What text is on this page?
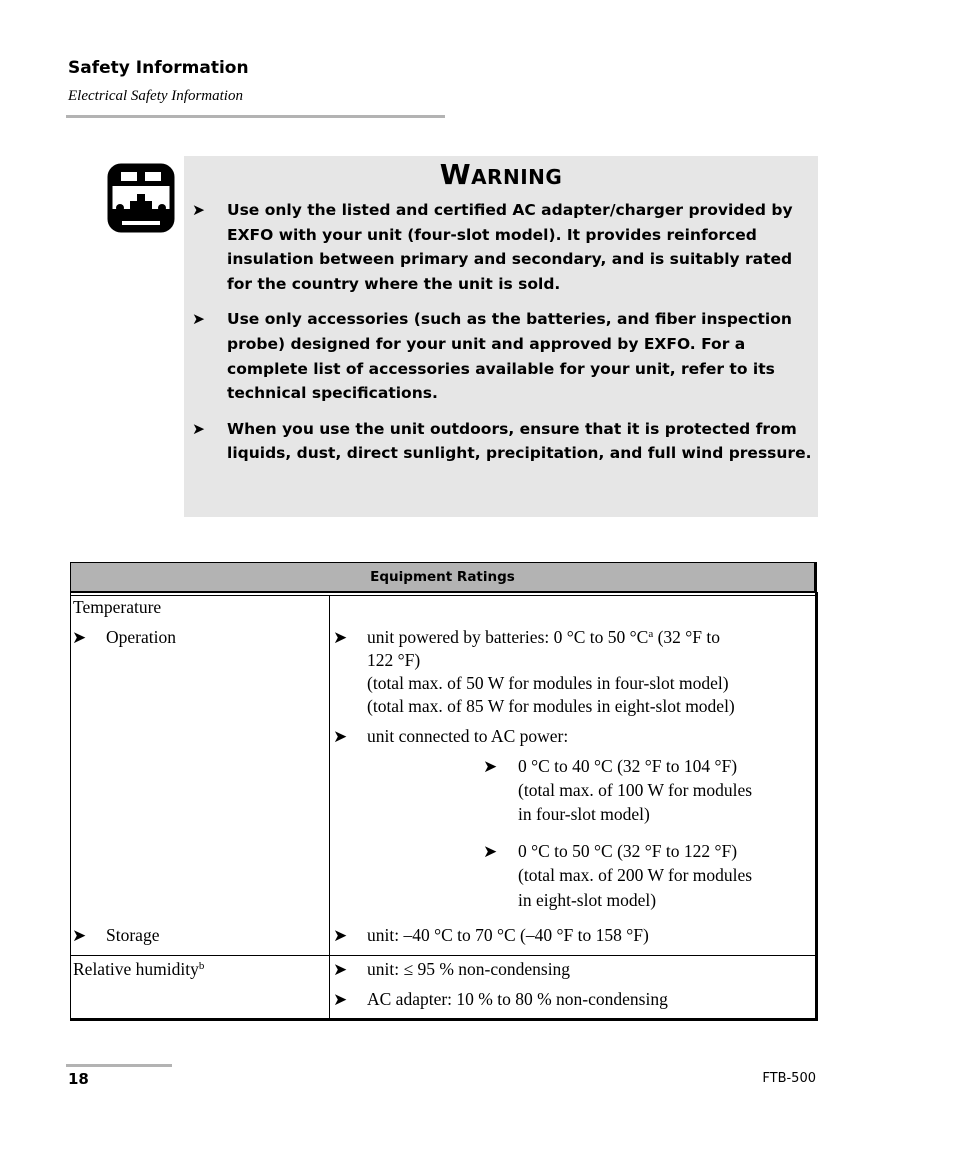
Safety Information
Electrical Safety Information
Warning
➤ Use only the listed and certified AC adapter/charger provided by EXFO with your unit (four-slot model). It provides reinforced insulation between primary and secondary, and is suitably rated for the country where the unit is sold.
➤ Use only accessories (such as the batteries, and fiber inspection probe) designed for your unit and approved by EXFO. For a complete list of accessories available for your unit, refer to its technical specifications.
➤ When you use the unit outdoors, ensure that it is protected from liquids, dust, direct sunlight, precipitation, and full wind pressure.
Equipment Ratings
Temperature
➤ Operation	➤ unit powered by batteries: 0 °C to 50 $^\circ C^a$ (32 °F to
122 °F)
(total max. of 50 W for modules in four-slot model)
(total max. of 85 W for modules in eight-slot model)
➤ unit connected to AC power:
➤ 0 °C to 40 °C (32 °F to 104 °F)
(total max. of 100 W for modules
in four-slot model)
➤ 0 °C to 50 °C (32 °F to 122 °F)
(total max. of 200 W for modules
in eight-slot model)
➤ Storage	➤ unit: –40 °C to 70 °C (–40 °F to 158 °F)
Relative humidity$^b$	➤ unit: ≤ 95 % non-condensing
➤ AC adapter: 10 % to 80 % non-condensing
18	FTB-500
